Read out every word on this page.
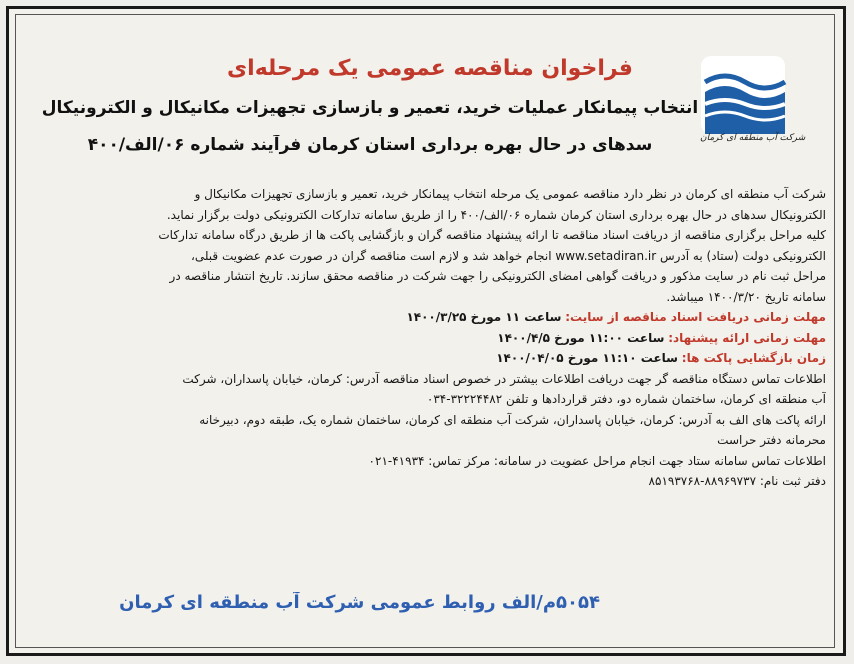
شرکت آب منطقه ای کرمان
فراخوان مناقصه عمومی یک مرحله‌ای
انتخاب پیمانکار عملیات خرید، تعمیر و بازسازی تجهیزات مکانیکال و الکترونیکال
سدهای در حال بهره برداری استان کرمان فرآیند شماره ۰۶/الف/۴۰۰
شرکت آب منطقه ای کرمان در نظر دارد مناقصه عمومی یک مرحله انتخاب پیمانکار خرید، تعمیر و بازسازی تجهیزات مکانیکال و
الکترونیکال سدهای در حال بهره برداری استان کرمان شماره ۰۶/الف/۴۰۰ را از طریق سامانه تدارکات الکترونیکی دولت برگزار نماید.
کلیه مراحل برگزاری مناقصه از دریافت اسناد مناقصه تا ارائه پیشنهاد مناقصه گران و بازگشایی پاکت ها از طریق درگاه سامانه تدارکات
الکترونیکی دولت (ستاد) به آدرس www.setadiran.ir انجام خواهد شد و لازم است مناقصه گران در صورت عدم عضویت قبلی،
مراحل ثبت نام در سایت مذکور و دریافت گواهی امضای الکترونیکی را جهت شرکت در مناقصه محقق سازند. تاریخ انتشار مناقصه در
سامانه تاریخ ۱۴۰۰/۳/۲۰ میباشد.
مهلت زمانی دریافت اسناد مناقصه از سایت: ساعت ۱۱ مورخ ۱۴۰۰/۳/۲۵
مهلت زمانی ارائه پیشنهاد: ساعت ۱۱:۰۰ مورخ ۱۴۰۰/۴/۵
زمان بازگشایی پاکت ها: ساعت ۱۱:۱۰ مورخ ۱۴۰۰/۰۴/۰۵
اطلاعات تماس دستگاه مناقصه گر جهت دریافت اطلاعات بیشتر در خصوص اسناد مناقصه آدرس: کرمان، خیابان پاسداران، شرکت
آب منطقه ای کرمان، ساختمان شماره دو، دفتر قراردادها و تلفن ۳۲۲۲۴۴۸۲-۰۳۴
ارائه پاکت های الف به آدرس: کرمان، خیابان پاسداران، شرکت آب منطقه ای کرمان، ساختمان شماره یک، طبقه دوم، دبیرخانه
محرمانه دفتر حراست
اطلاعات تماس سامانه ستاد جهت انجام مراحل عضویت در سامانه: مرکز تماس: ۴۱۹۳۴-۰۲۱
دفتر ثبت نام: ۸۸۹۶۹۷۳۷-۸۵۱۹۳۷۶۸
۵۰۵۴م/الف روابط عمومی شرکت آب منطقه ای کرمان
